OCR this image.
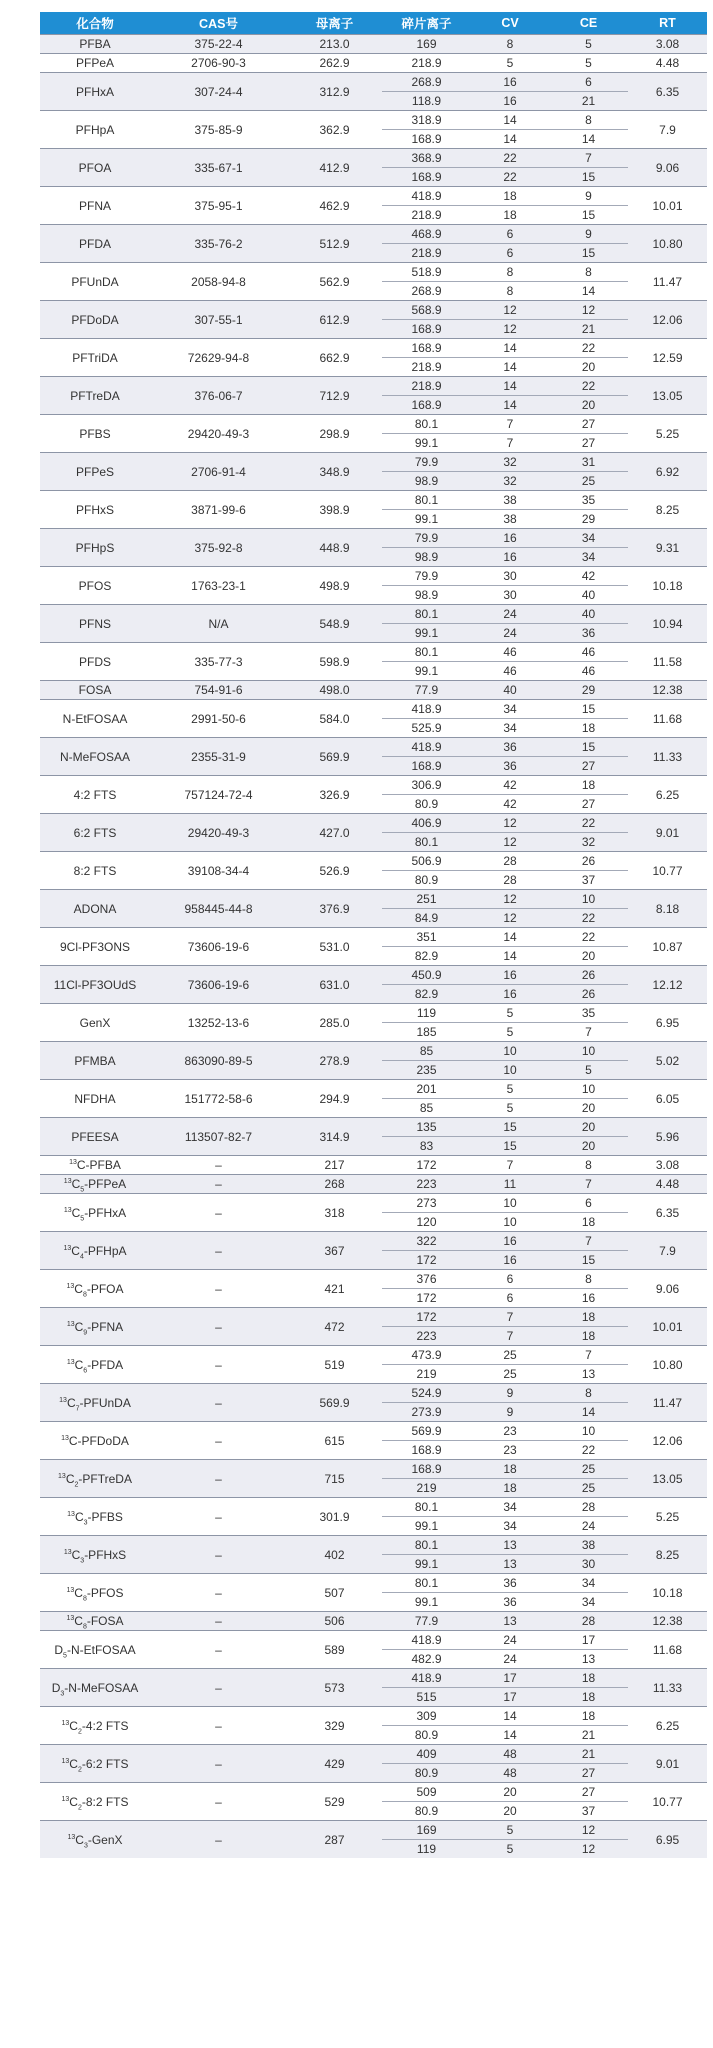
化合物	CAS号	母离子	碎片离子	CV	CE	RT
PFBA	375-22-4	213.0	169	8	5	3.08
PFPeA	2706-90-3	262.9	218.9	5	5	4.48
PFHxA	307-24-4	312.9	268.9	16	6	6.35
			118.9	16	21	
PFHpA	375-85-9	362.9	318.9	14	8	7.9
			168.9	14	14	
PFOA	335-67-1	412.9	368.9	22	7	9.06
			168.9	22	15	
PFNA	375-95-1	462.9	418.9	18	9	10.01
			218.9	18	15	
PFDA	335-76-2	512.9	468.9	6	9	10.80
			218.9	6	15	
PFUnDA	2058-94-8	562.9	518.9	8	8	11.47
			268.9	8	14	
PFDoDA	307-55-1	612.9	568.9	12	12	12.06
			168.9	12	21	
PFTriDA	72629-94-8	662.9	168.9	14	22	12.59
			218.9	14	20	
PFTreDA	376-06-7	712.9	218.9	14	22	13.05
			168.9	14	20	
PFBS	29420-49-3	298.9	80.1	7	27	5.25
			99.1	7	27	
PFPeS	2706-91-4	348.9	79.9	32	31	6.92
			98.9	32	25	
PFHxS	3871-99-6	398.9	80.1	38	35	8.25
			99.1	38	29	
PFHpS	375-92-8	448.9	79.9	16	34	9.31
			98.9	16	34	
PFOS	1763-23-1	498.9	79.9	30	42	10.18
			98.9	30	40	
PFNS	N/A	548.9	80.1	24	40	10.94
			99.1	24	36	
PFDS	335-77-3	598.9	80.1	46	46	11.58
			99.1	46	46	
FOSA	754-91-6	498.0	77.9	40	29	12.38
N-EtFOSAA	2991-50-6	584.0	418.9	34	15	11.68
			525.9	34	18	
N-MeFOSAA	2355-31-9	569.9	418.9	36	15	11.33
			168.9	36	27	
4:2 FTS	757124-72-4	326.9	306.9	42	18	6.25
			80.9	42	27	
6:2 FTS	29420-49-3	427.0	406.9	12	22	9.01
			80.1	12	32	
8:2 FTS	39108-34-4	526.9	506.9	28	26	10.77
			80.9	28	37	
ADONA	958445-44-8	376.9	251	12	10	8.18
			84.9	12	22	
9Cl-PF3ONS	73606-19-6	531.0	351	14	22	10.87
			82.9	14	20	
11Cl-PF3OUdS	73606-19-6	631.0	450.9	16	26	12.12
			82.9	16	26	
GenX	13252-13-6	285.0	119	5	35	6.95
			185	5	7	
PFMBA	863090-89-5	278.9	85	10	10	5.02
			235	10	5	
NFDHA	151772-58-6	294.9	201	5	10	6.05
			85	5	20	
PFEESA	113507-82-7	314.9	135	15	20	5.96
			83	15	20	
$^{13}$C-PFBA	–	217	172	7	8	3.08
$^{13}C_5$-PFPeA	–	268	223	11	7	4.48
$^{13}C_5$-PFHxA	–	318	273	10	6	6.35
			120	10	18	
$^{13}C_4$-PFHpA	–	367	322	16	7	7.9
			172	16	15	
$^{13}C_8$-PFOA	–	421	376	6	8	9.06
			172	6	16	
$^{13}C_9$-PFNA	–	472	172	7	18	10.01
			223	7	18	
$^{13}C_6$-PFDA	–	519	473.9	25	7	10.80
			219	25	13	
$^{13}C_7$-PFUnDA	–	569.9	524.9	9	8	11.47
			273.9	9	14	
$^{13}$C-PFDoDA	–	615	569.9	23	10	12.06
			168.9	23	22	
$^{13}C_2$-PFTreDA	–	715	168.9	18	25	13.05
			219	18	25	
$^{13}C_3$-PFBS	–	301.9	80.1	34	28	5.25
			99.1	34	24	
$^{13}C_3$-PFHxS	–	402	80.1	13	38	8.25
			99.1	13	30	
$^{13}C_8$-PFOS	–	507	80.1	36	34	10.18
			99.1	36	34	
$^{13}C_8$-FOSA	–	506	77.9	13	28	12.38
$D_5-N$-EtFOSAA	–	589	418.9	24	17	11.68
			482.9	24	13	
$D_3-N$-MeFOSAA	–	573	418.9	17	18	11.33
			515	17	18	
$^{13}C_2-4:2$ FTS	–	329	309	14	18	6.25
			80.9	14	21	
$^{13}C_2-6:2$ FTS	–	429	409	48	21	9.01
			80.9	48	27	
$^{13}C_2-8:2$ FTS	–	529	509	20	27	10.77
			80.9	20	37	
$^{13}C_3$-GenX	–	287	169	5	12	6.95
			119	5	12	
